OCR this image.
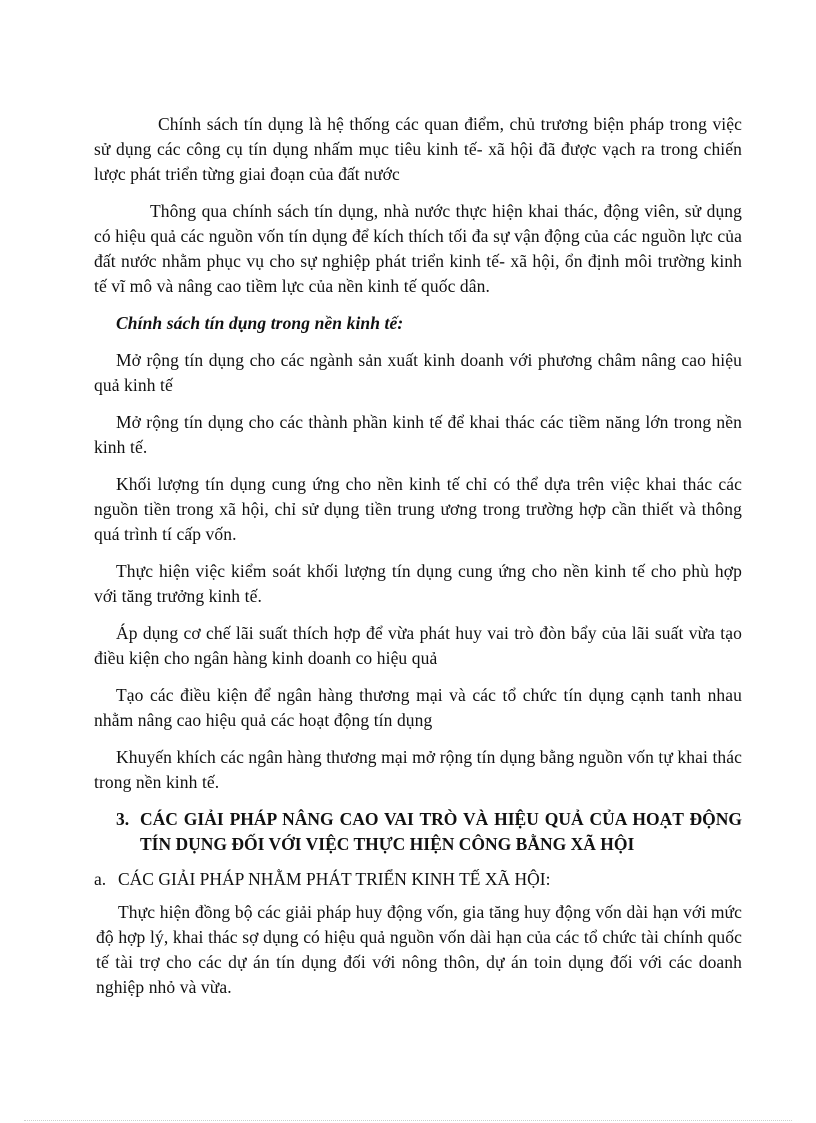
Chính sách tín dụng là hệ thống các quan điểm, chủ trương biện pháp trong việc sử dụng các công cụ tín dụng nhấm mục tiêu kinh tế- xã hội đã được vạch ra trong chiến lược phát triển từng giai đoạn của đất nước

Thông qua chính sách tín dụng, nhà nước thực hiện khai thác, động viên, sử dụng có hiệu quả các nguồn vốn tín dụng để kích thích tối đa sự vận động của các nguồn lực của đất nước nhằm phục vụ cho sự nghiệp phát triển kinh tế- xã hội, ổn định môi trường kinh tế vĩ mô và nâng cao tiềm lực của nền kinh tế quốc dân.

Chính sách tín dụng trong nền kinh tế:

Mở rộng tín dụng cho các ngành sản xuất kinh doanh với phương châm nâng cao hiệu quả kinh tế

Mở rộng tín dụng cho các thành phần kinh tế để khai thác các tiềm năng lớn trong nền kinh tế.

Khối lượng tín dụng cung ứng cho nền kinh tế chỉ có thể dựa trên việc khai thác các nguồn tiền trong xã hội, chỉ sử dụng tiền trung ương trong trường hợp cần thiết và thông quá trình tí cấp vốn.

Thực hiện việc kiểm soát khối lượng tín dụng cung ứng cho nền kinh tế cho phù hợp với tăng trưởng kinh tế.

Áp dụng cơ chế lãi suất thích hợp để vừa phát huy vai trò đòn bẩy của lãi suất vừa tạo điều kiện cho ngân hàng kinh doanh co hiệu quả

Tạo các điều kiện để ngân hàng thương mại và các tổ chức tín dụng cạnh tanh nhau nhằm nâng cao hiệu quả các hoạt động tín dụng

Khuyến khích các ngân hàng thương mại mở rộng tín dụng bằng nguồn vốn tự khai thác trong nền kinh tế.

3. CÁC GIẢI PHÁP NÂNG CAO VAI TRÒ VÀ HIỆU QUẢ CỦA HOẠT ĐỘNG TÍN DỤNG ĐỐI VỚI VIỆC THỰC HIỆN CÔNG BẰNG XÃ HỘI
a. CÁC GIẢI PHÁP NHẰM PHÁT TRIỂN KINH TẾ XÃ HỘI:

Thực hiện đồng bộ các giải pháp huy động vốn, gia tăng huy động vốn dài hạn với mức độ hợp lý, khai thác sợ dụng có hiệu quả nguồn vốn dài hạn của các tổ chức tài chính quốc tế tài trợ cho các dự án tín dụng đối với nông thôn, dự án toin dụng đối với các doanh nghiệp nhỏ và vừa.
